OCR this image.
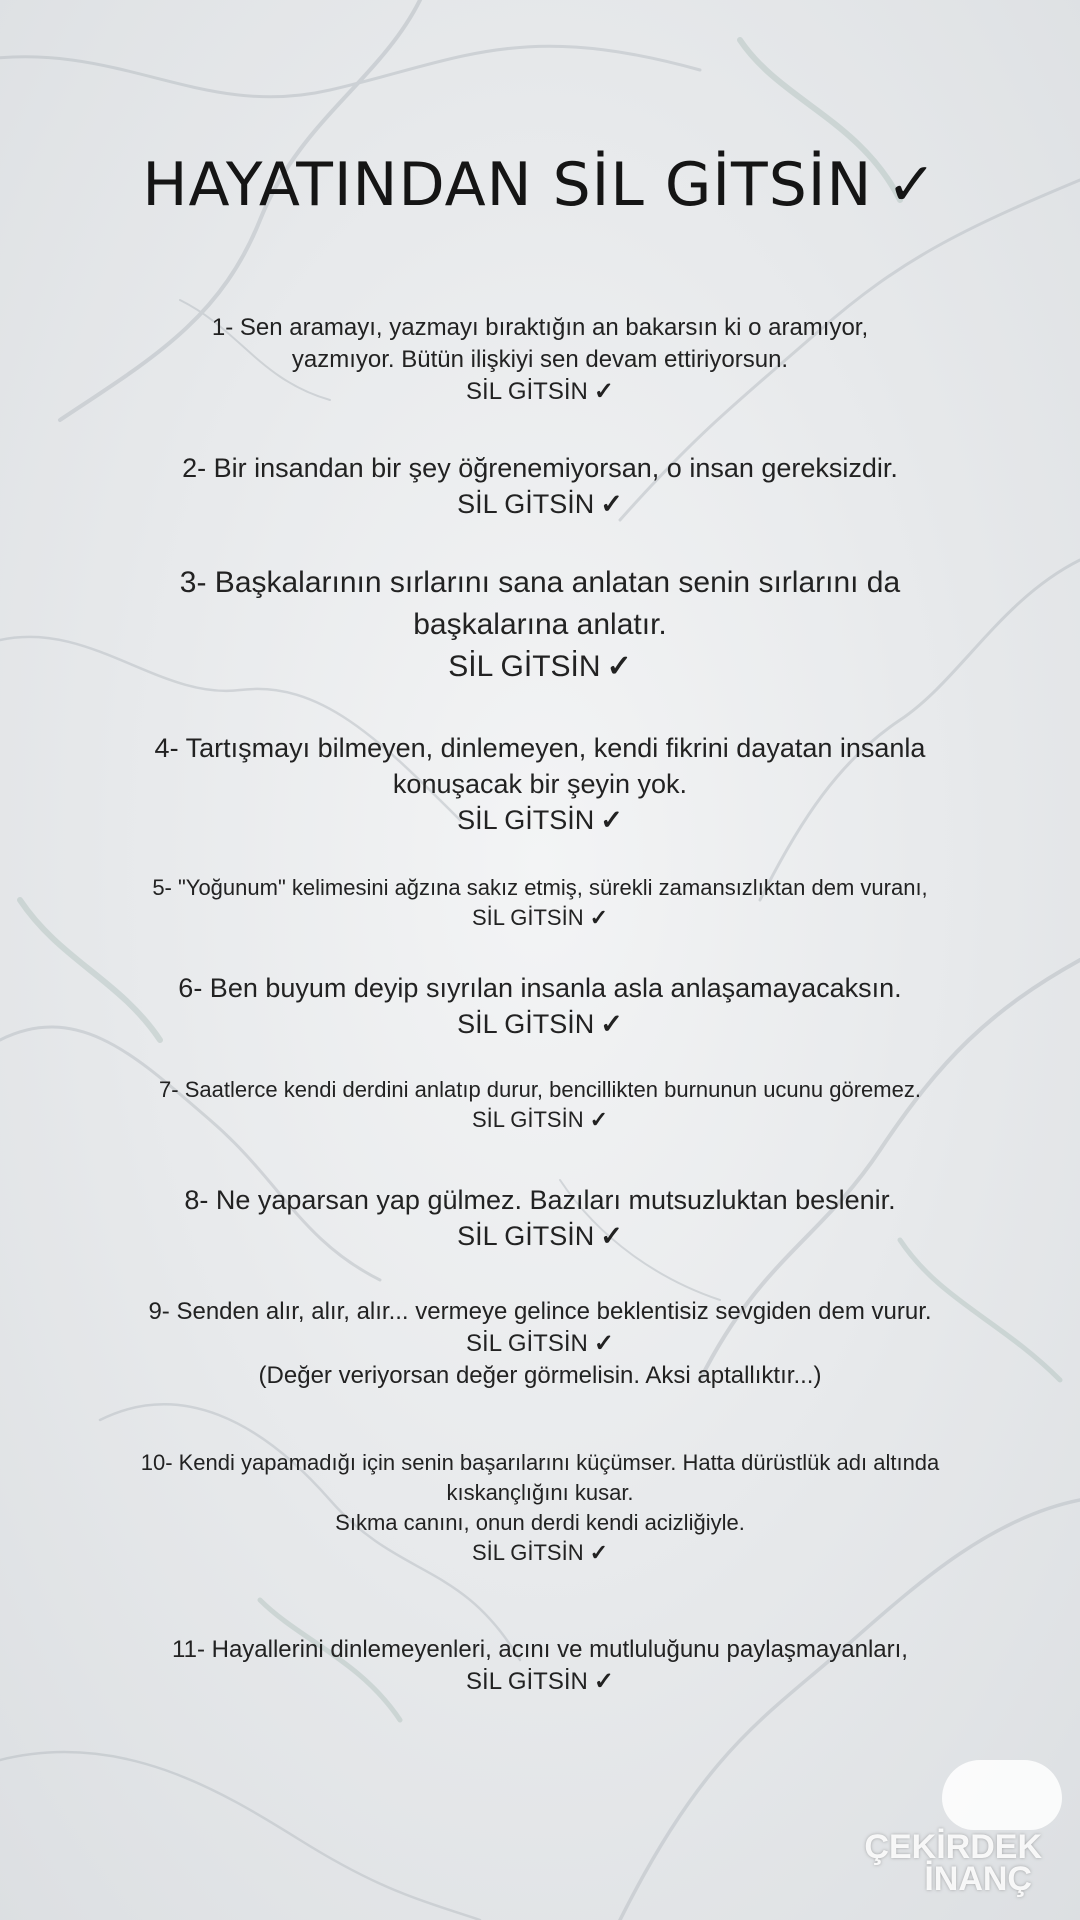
HAYATINDAN SİL GİTSİN ✓
1- Sen aramayı, yazmayı bıraktığın an bakarsın ki o aramıyor,
yazmıyor. Bütün ilişkiyi sen devam ettiriyorsun.
SİL GİTSİN ✓
2- Bir insandan bir şey öğrenemiyorsan, o insan gereksizdir.
SİL GİTSİN ✓
3- Başkalarının sırlarını sana anlatan senin sırlarını da
başkalarına anlatır.
SİL GİTSİN ✓
4- Tartışmayı bilmeyen, dinlemeyen, kendi fikrini dayatan insanla
konuşacak bir şeyin yok.
SİL GİTSİN ✓
5- "Yoğunum" kelimesini ağzına sakız etmiş, sürekli zamansızlıktan dem vuranı,
SİL GİTSİN ✓
6- Ben buyum deyip sıyrılan insanla asla anlaşamayacaksın.
SİL GİTSİN ✓
7- Saatlerce kendi derdini anlatıp durur, bencillikten burnunun ucunu göremez.
SİL GİTSİN ✓
8- Ne yaparsan yap gülmez. Bazıları mutsuzluktan beslenir.
SİL GİTSİN ✓
9- Senden alır, alır, alır... vermeye gelince beklentisiz sevgiden dem vurur.
SİL GİTSİN ✓
(Değer veriyorsan değer görmelisin. Aksi aptallıktır...)
10- Kendi yapamadığı için senin başarılarını küçümser. Hatta dürüstlük adı altında
kıskançlığını kusar.
Sıkma canını, onun derdi kendi acizliğiyle.
SİL GİTSİN ✓
11- Hayallerini dinlemeyenleri, acını ve mutluluğunu paylaşmayanları,
SİL GİTSİN ✓
ÇEKİRDEK
İNANÇ
